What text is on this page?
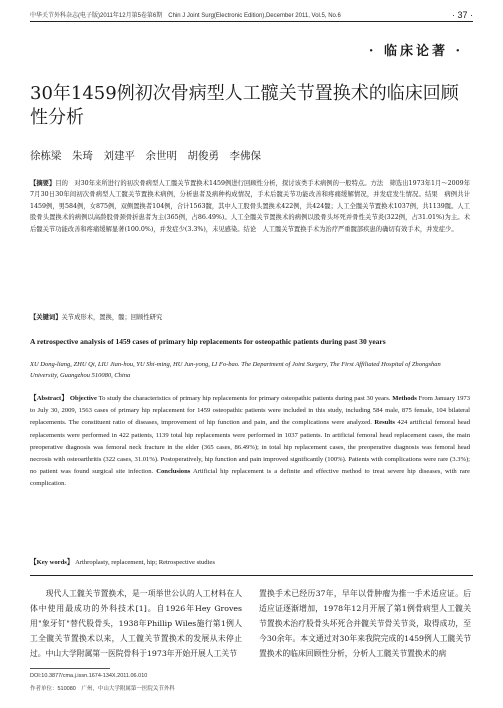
中华关节外科杂志(电子版)2011年12月第5卷第6期　Chin J Joint Surg(Electronic Edition),December 2011, Vol.5, No.6	· 37 ·
· 临床论著 ·
30年1459例初次骨病型人工髋关节置换术的临床回顾性分析
徐栋梁　朱琦　刘建平　余世明　胡俊勇　李佛保
【摘要】目的　对30年来所进行的初次骨病型人工髋关节置换术1459例进行回顾性分析，探讨该类手术病例的一般特点。方法　筛选出1973年1月～2009年7月30日30年间初次骨病型人工髋关节置换术病例，分析患者及病种构成情况，手术后髋关节功能改善和疼痛缓解情况，并发症发生情况。结果　病例共计1459例，男584例，女875例，双侧置换者104例，合计1563髋，其中人工股骨头置换术422例，共424髋；人工全髋关节置换术1037例，共1139髋。人工股骨头置换术的病例以高龄股骨颈骨折患者为主(365例，占86.49%)。人工全髋关节置换术的病例以股骨头坏死并骨性关节炎(322例，占31.01%)为主。术后髋关节功能改善和疼痛缓解显著(100.0%)，并发症少(3.3%)，未见感染。结论　人工髋关节置换手术为治疗严重髋部疾患的确切有效手术，并发症少。
【关键词】关节成形术，置换，髋；回顾性研究
A retrospective analysis of 1459 cases of primary hip replacements for osteopathic patients during past 30 years
XU Dong-liang, ZHU Qi, LIU Jian-hou, YU Shi-ming, HU Jun-yong, LI Fo-bao. The Department of Joint Surgery, The First Affiliated Hospital of Zhongshan University, Guangzhou 510080, China
【Abstract】 Objective To study the characteristics of primary hip replacements for primary osteopathic patients during past 30 years. Methods From January 1973 to July 30, 2009, 1563 cases of primary hip replacement for 1459 osteopathic patients were included in this study, including 584 male, 875 female, 104 bilateral replacements. The constituent ratio of diseases, improvement of hip function and pain, and the complications were analyzed. Results 424 artificial femoral head replacements were performed in 422 patients, 1139 total hip replacements were performed in 1037 patients. In artificial femoral head replacement cases, the main preoperative diagnosis was femoral neck fracture in the elder (365 cases, 86.49%); in total hip replacement cases, the preoperative diagnosis was femoral head necrosis with osteoarthritis (322 cases, 31.01%). Postoperatively, hip function and pain improved significantly (100%). Patients with complications were rare (3.3%); no patient was found surgical site infection. Conclusions Artificial hip replacement is a definite and effective method to treat severe hip diseases, with rare complication.
【Key words】 Arthroplasty, replacement, hip; Retrospective studies
现代人工髋关节置换术，是一项举世公认的人工材料在人体中使用最成功的外科技术[1]。自1926年Hey Groves用"象牙钉"替代股骨头，1938年Phillip Wiles施行第1例人工全髋关节置换术以来，人工髋关节置换术的发展从未停止过。中山大学附属第一医院骨科于1973年开始开展人工关节
置换手术已经历37年，早年以骨肿瘤为推一手术适应证。后适应证逐渐增加，1978年12月开展了第1例骨病型人工髋关节置换术治疗股骨头坏死合并髋关节骨关节炎，取得成功，至今30余年。本文通过对30年来我院完成的1459例人工髋关节置换术的临床回顾性分析，分析人工髋关节置换术的病
DOI:10.3877/cma.j.issn.1674-134X.2011.06.010
作者单位：510080　广州，中山大学附属第一医院关节外科
